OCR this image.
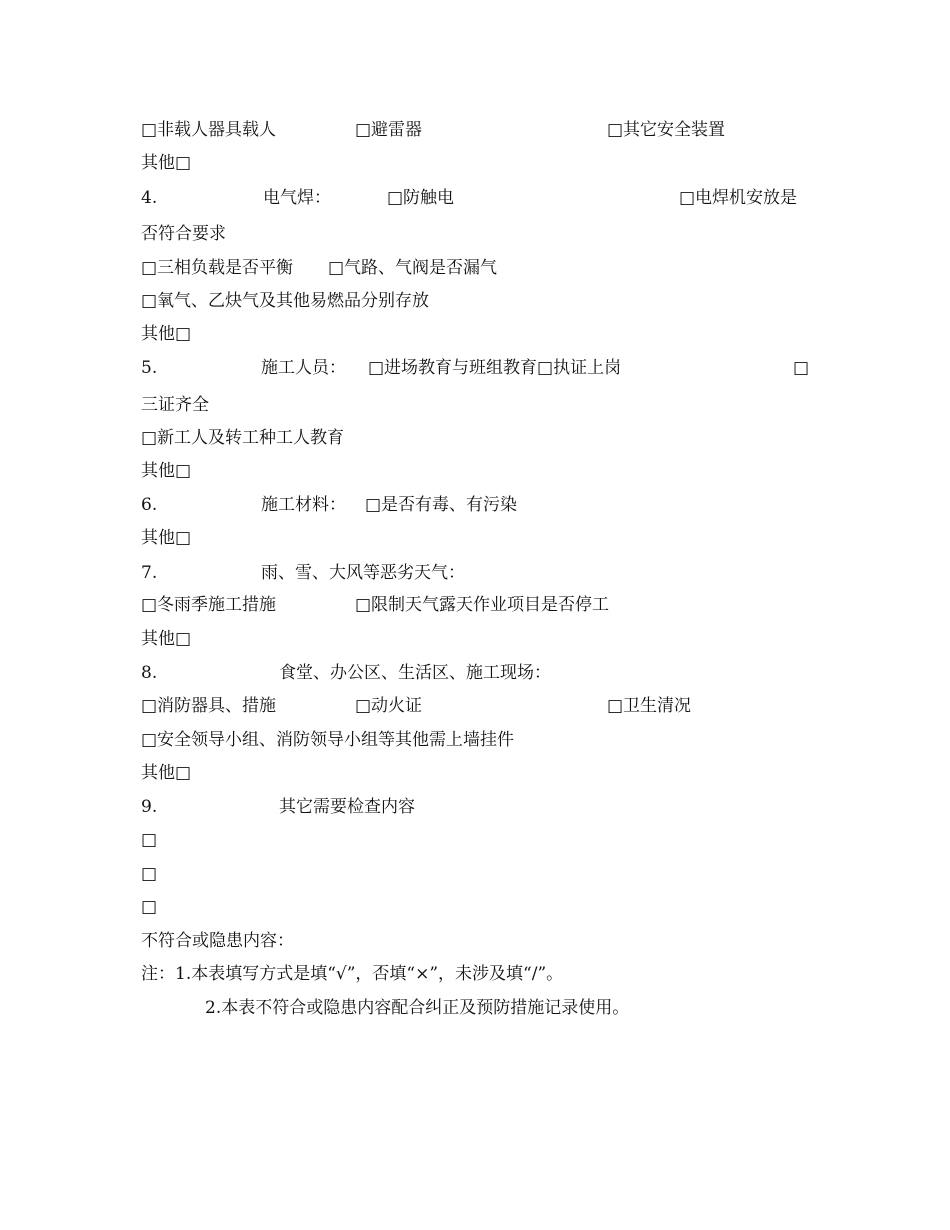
□非载人器具载人	□避雷器	□其它安全装置
其他□
4.	电气焊：	□防触电	□电焊机安放是
否符合要求
□三相负载是否平衡 □气路、气阀是否漏气
□氧气、乙炔气及其他易燃品分别存放
其他□
5.	施工人员： □进场教育与班组教育□执证上岗	□
三证齐全
□新工人及转工种工人教育
其他□
6.	施工材料： □是否有毒、有污染
其他□
7.	雨、雪、大风等恶劣天气：
□冬雨季施工措施	□限制天气露天作业项目是否停工
其他□
8.	食堂、办公区、生活区、施工现场：
□消防器具、措施	□动火证	□卫生清况
□安全领导小组、消防领导小组等其他需上墙挂件
其他□
9.	其它需要检查内容
□
□
□
不符合或隐患内容：
注：1.本表填写方式是填“√”，否填“×”，未涉及填“/”。
2.本表不符合或隐患内容配合纠正及预防措施记录使用。
